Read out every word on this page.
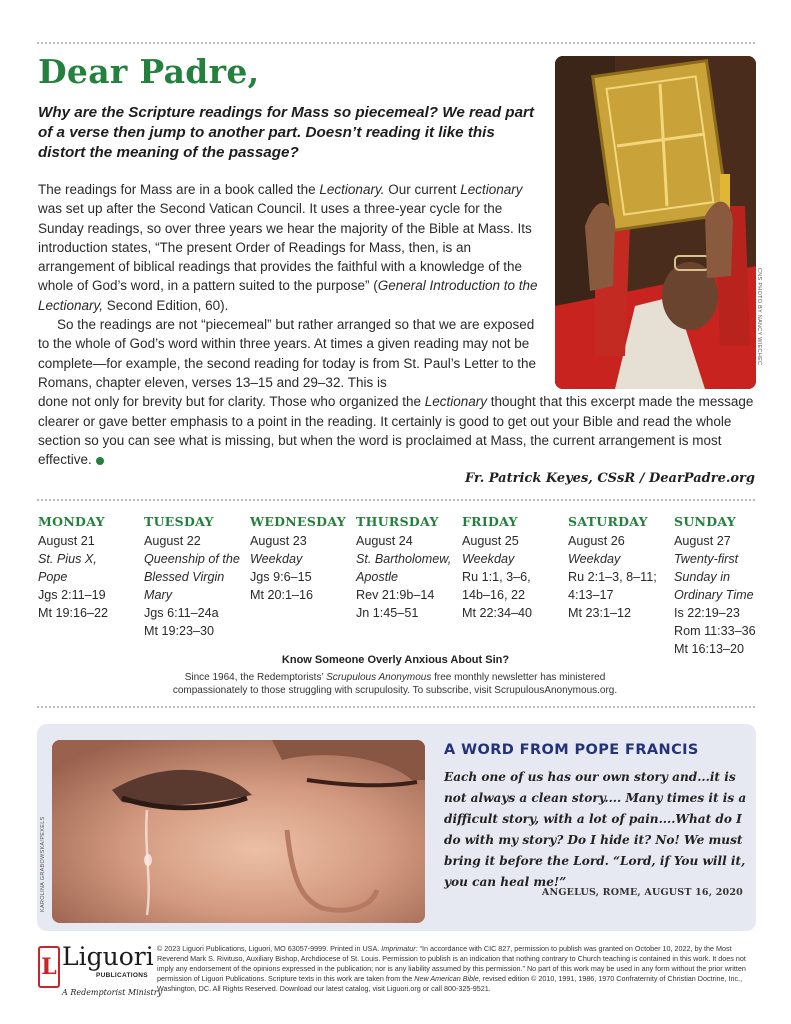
Dear Padre,

Why are the Scripture readings for Mass so piecemeal? We read part of a verse then jump to another part. Doesn’t reading it like this distort the meaning of the passage?

CNS PHOTO BY NANCY WIECHEC

The readings for Mass are in a book called the Lectionary. Our current Lectionary was set up after the Second Vatican Council. It uses a three-year cycle for the Sunday readings, so over three years we hear the majority of the Bible at Mass. Its introduction states, “The present Order of Readings for Mass, then, is an arrangement of biblical readings that provides the faithful with a knowledge of the whole of God’s word, in a pattern suited to the purpose” (General Introduction to the Lectionary, Second Edition, 60).

So the readings are not “piecemeal” but rather arranged so that we are exposed to the whole of God’s word within three years. At times a given reading may not be complete—for example, the second reading for today is from St. Paul’s Letter to the Romans, chapter eleven, verses 13–15 and 29–32. This is

done not only for brevity but for clarity. Those who organized the Lectionary thought that this excerpt made the message clearer or gave better emphasis to a point in the reading. It certainly is good to get out your Bible and read the whole section so you can see what is missing, but when the word is proclaimed at Mass, the current arrangement is most effective.

Fr. Patrick Keyes, CSsR / DearPadre.org
MONDAY
August 21
St. Pius X, Pope
Jgs 2:11–19
Mt 19:16–22
TUESDAY
August 22
Queenship of the Blessed Virgin Mary
Jgs 6:11–24a
Mt 19:23–30
WEDNESDAY
August 23
Weekday
Jgs 9:6–15
Mt 20:1–16
THURSDAY
August 24
St. Bartholomew, Apostle
Rev 21:9b–14
Jn 1:45–51
FRIDAY
August 25
Weekday
Ru 1:1, 3–6, 14b–16, 22
Mt 22:34–40
SATURDAY
August 26
Weekday
Ru 2:1–3, 8–11; 4:13–17
Mt 23:1–12
SUNDAY
August 27
Twenty-first Sunday in Ordinary Time
Is 22:19–23
Rom 11:33–36
Mt 16:13–20
Know Someone Overly Anxious About Sin?
Since 1964, the Redemptorists’ Scrupulous Anonymous free monthly newsletter has ministered compassionately to those struggling with scrupulosity. To subscribe, visit ScrupulousAnonymous.org.
KAROLINA GRABOWSKA/PEXELS
A WORD FROM POPE FRANCIS

Each one of us has our own story and...it is not always a clean story.... Many times it is a difficult story, with a lot of pain....What do I do with my story? Do I hide it? No! We must bring it before the Lord. “Lord, if You will it, you can heal me!”

ANGELUS, ROME, AUGUST 16, 2020
L Liguori
PUBLICATIONS
A Redemptorist Ministry

© 2023 Liguori Publications, Liguori, MO 63057-9999. Printed in USA. Imprimatur: “In accordance with CIC 827, permission to publish was granted on October 10, 2022, by the Most Reverend Mark S. Rivituso, Auxiliary Bishop, Archdiocese of St. Louis. Permission to publish is an indication that nothing contrary to Church teaching is contained in this work. It does not imply any endorsement of the opinions expressed in the publication; nor is any liability assumed by this permission.” No part of this work may be used in any form without the prior written permission of Liguori Publications. Scripture texts in this work are taken from the New American Bible, revised edition © 2010, 1991, 1986, 1970 Confraternity of Christian Doctrine, Inc., Washington, DC. All Rights Reserved. Download our latest catalog, visit Liguori.org or call 800-325-9521.
